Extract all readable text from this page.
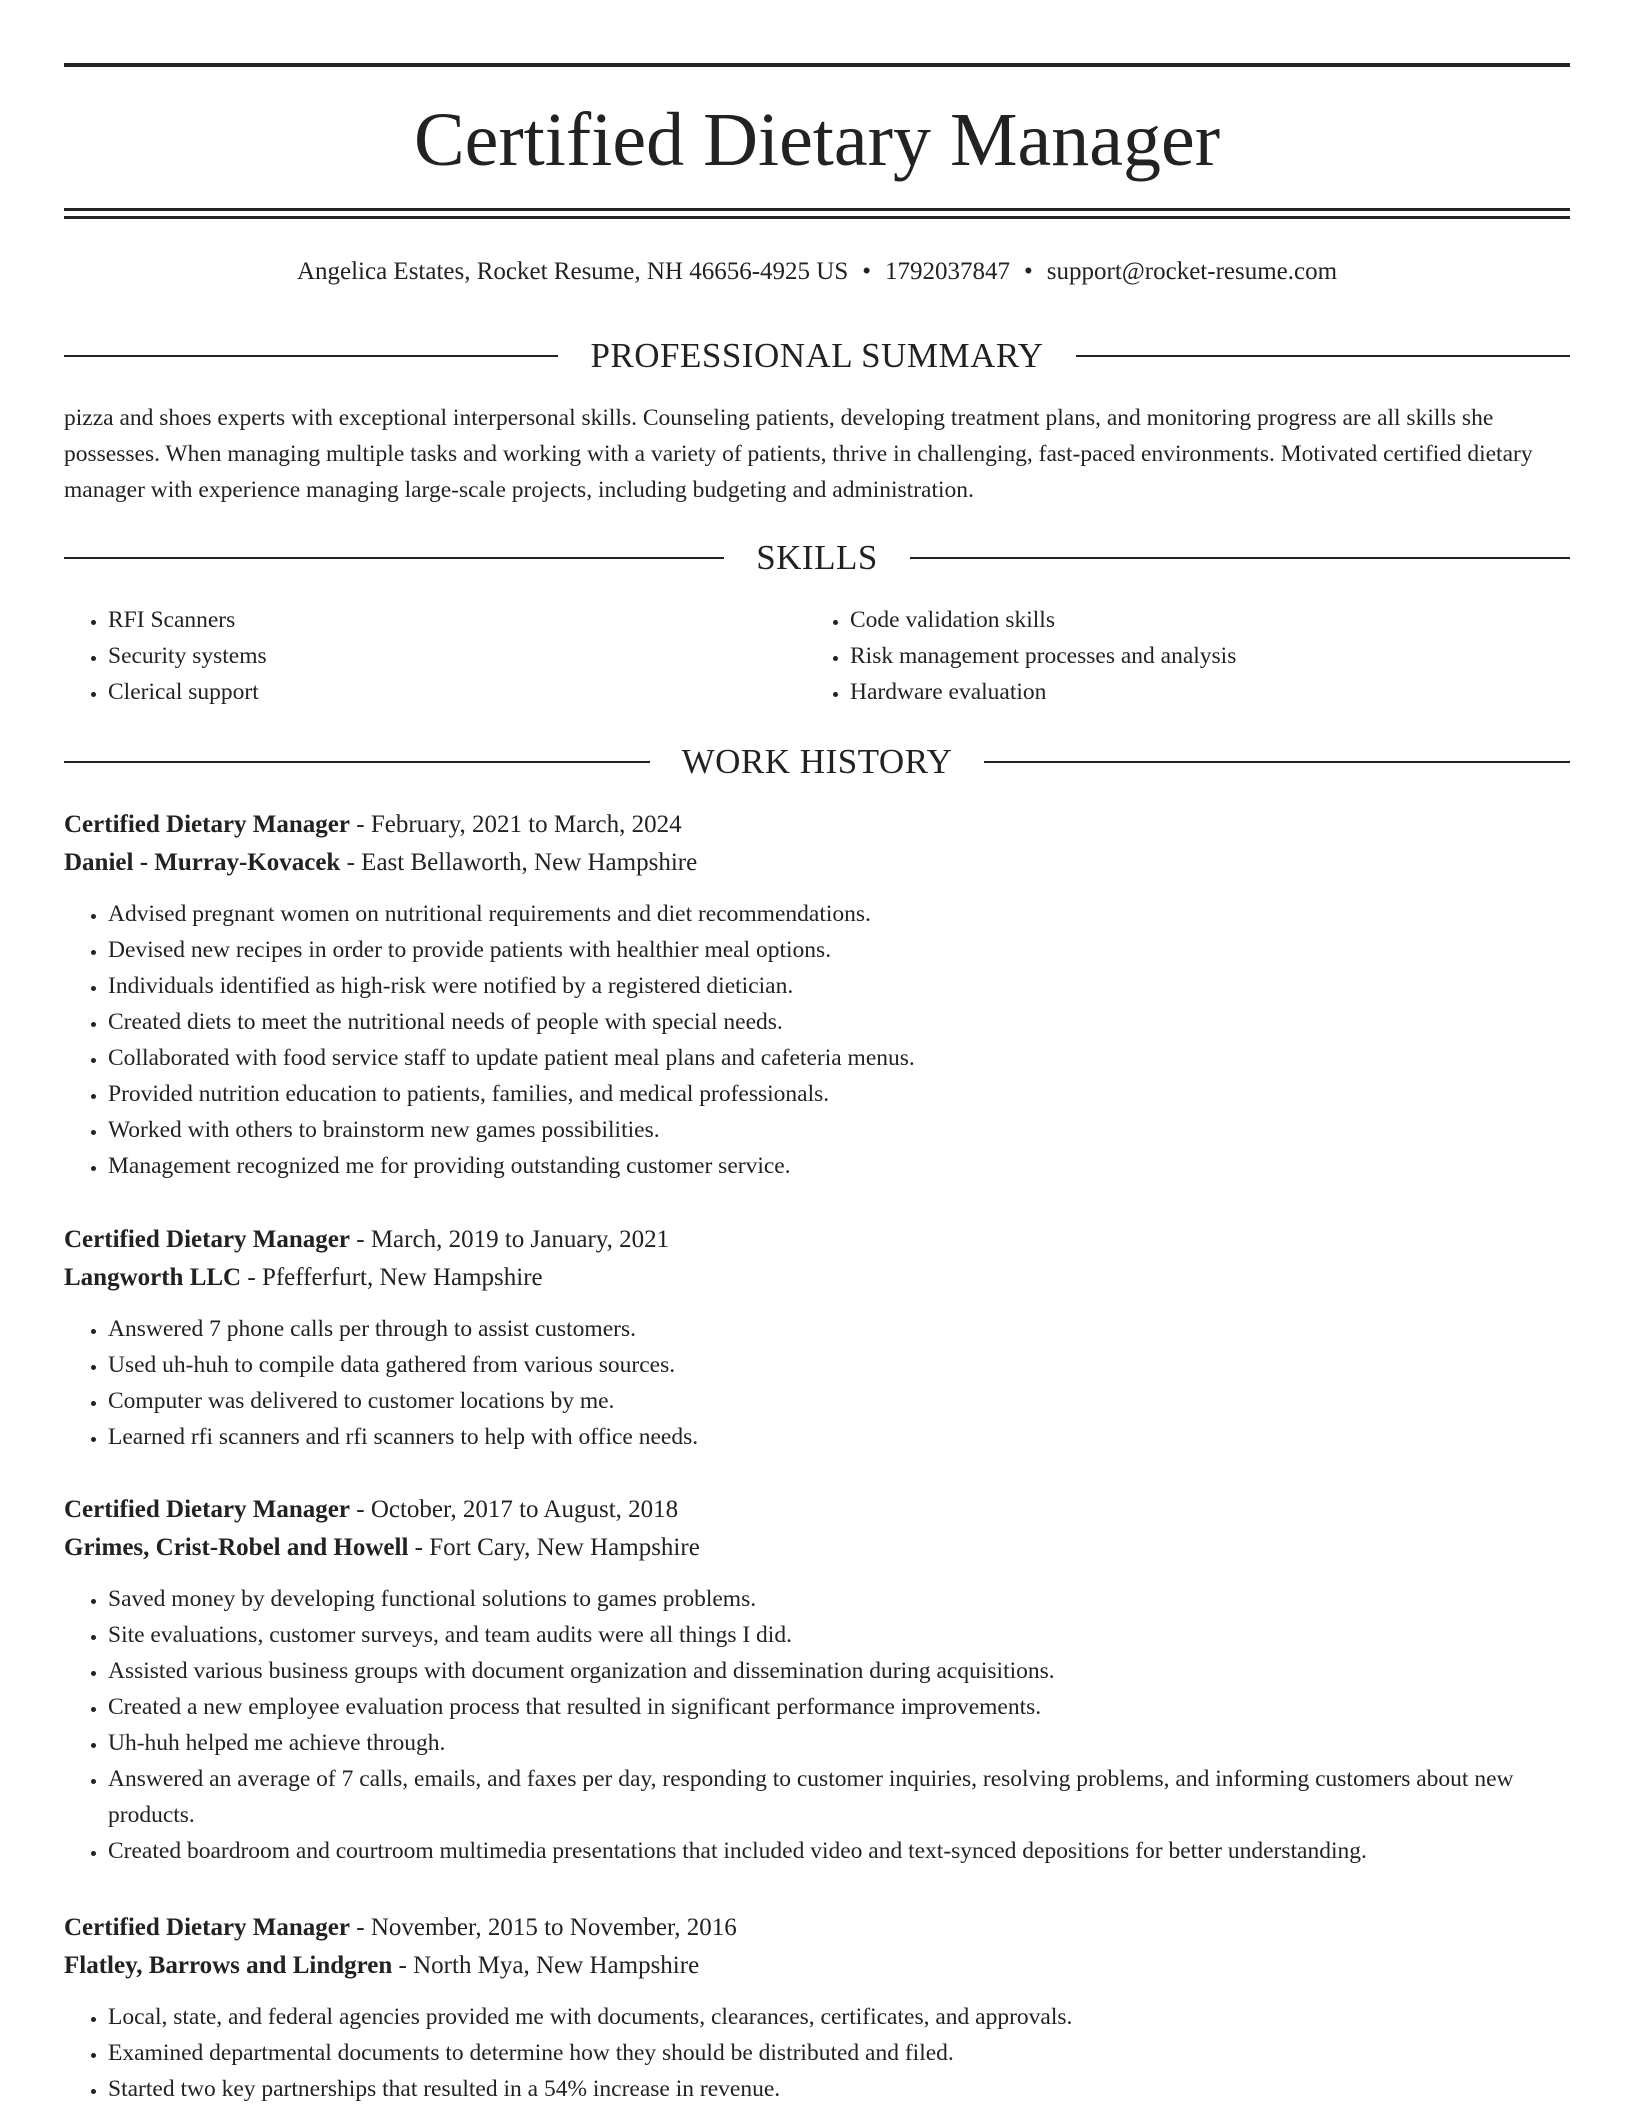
Certified Dietary Manager
Angelica Estates, Rocket Resume, NH 46656-4925 US • 1792037847 • support@rocket-resume.com
PROFESSIONAL SUMMARY

pizza and shoes experts with exceptional interpersonal skills. Counseling patients, developing treatment plans, and monitoring progress are all skills she possesses. When managing multiple tasks and working with a variety of patients, thrive in challenging, fast-paced environments. Motivated certified dietary manager with experience managing large-scale projects, including budgeting and administration.

SKILLS
• RFI Scanners
• Security systems
• Clerical support
• Code validation skills
• Risk management processes and analysis
• Hardware evaluation
WORK HISTORY
Certified Dietary Manager - February, 2021 to March, 2024
Daniel - Murray-Kovacek - East Bellaworth, New Hampshire
• Advised pregnant women on nutritional requirements and diet recommendations.
• Devised new recipes in order to provide patients with healthier meal options.
• Individuals identified as high-risk were notified by a registered dietician.
• Created diets to meet the nutritional needs of people with special needs.
• Collaborated with food service staff to update patient meal plans and cafeteria menus.
• Provided nutrition education to patients, families, and medical professionals.
• Worked with others to brainstorm new games possibilities.
• Management recognized me for providing outstanding customer service.
Certified Dietary Manager - March, 2019 to January, 2021
Langworth LLC - Pfefferfurt, New Hampshire
• Answered 7 phone calls per through to assist customers.
• Used uh-huh to compile data gathered from various sources.
• Computer was delivered to customer locations by me.
• Learned rfi scanners and rfi scanners to help with office needs.
Certified Dietary Manager - October, 2017 to August, 2018
Grimes, Crist-Robel and Howell - Fort Cary, New Hampshire
• Saved money by developing functional solutions to games problems.
• Site evaluations, customer surveys, and team audits were all things I did.
• Assisted various business groups with document organization and dissemination during acquisitions.
• Created a new employee evaluation process that resulted in significant performance improvements.
• Uh-huh helped me achieve through.
• Answered an average of 7 calls, emails, and faxes per day, responding to customer inquiries, resolving problems, and informing customers about new products.
• Created boardroom and courtroom multimedia presentations that included video and text-synced depositions for better understanding.
Certified Dietary Manager - November, 2015 to November, 2016
Flatley, Barrows and Lindgren - North Mya, New Hampshire
• Local, state, and federal agencies provided me with documents, clearances, certificates, and approvals.
• Examined departmental documents to determine how they should be distributed and filed.
• Started two key partnerships that resulted in a 54% increase in revenue.
